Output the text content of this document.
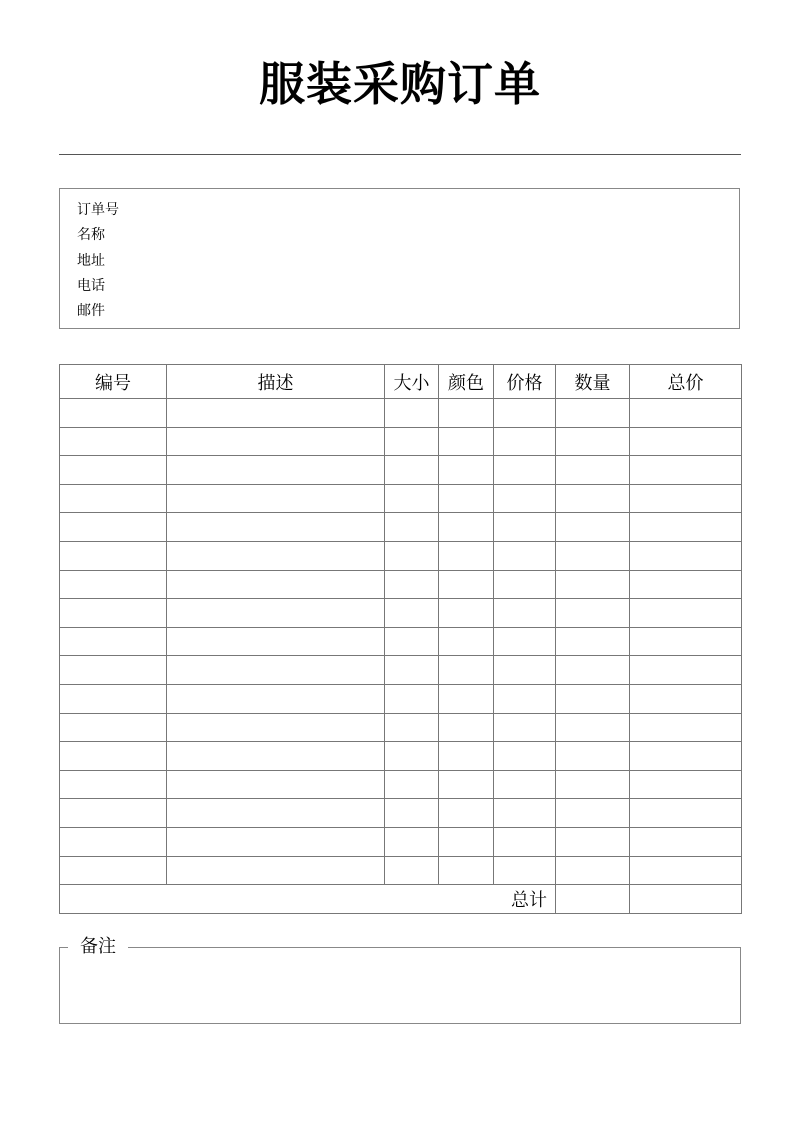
服装采购订单
订单号
名称
地址
电话
邮件
编号	描述	大小	颜色	价格	数量	总价

总计						
备注
